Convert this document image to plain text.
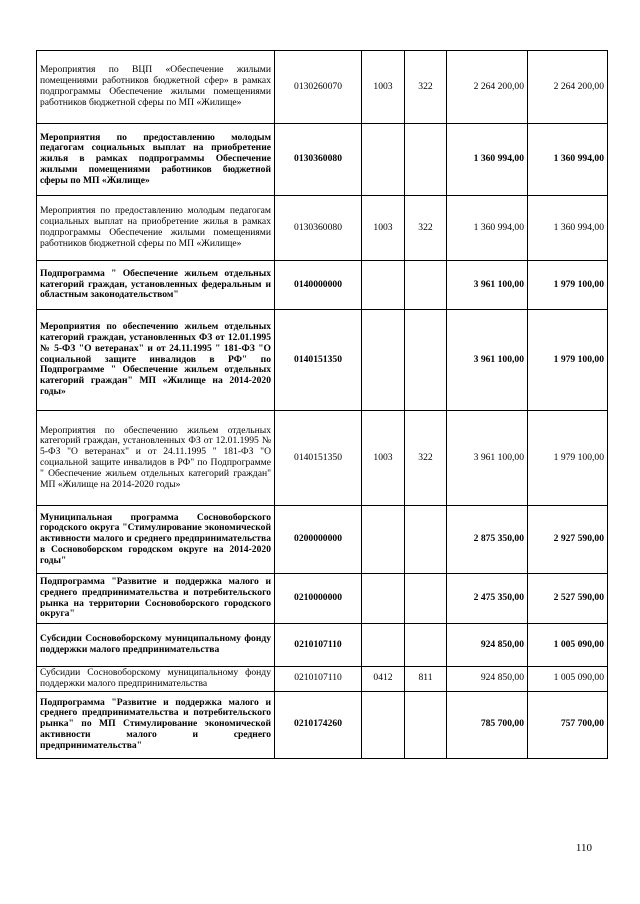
Мероприятия по ВЦП «Обеспечение жилыми помещениями работников бюджетной сфер» в рамках подпрограммы Обеспечение жилыми помещениями работников бюджетной сферы по МП «Жилище»	0130260070	1003	322	2 264 200,00	2 264 200,00
Мероприятия по предоставлению молодым педагогам социальных выплат на приобретение жилья в рамках подпрограммы Обеспечение жилыми помещениями работников бюджетной сферы по МП «Жилище»	0130360080			1 360 994,00	1 360 994,00
Мероприятия по предоставлению молодым педагогам социальных выплат на приобретение жилья в рамках подпрограммы Обеспечение жилыми помещениями работников бюджетной сферы по МП «Жилище»	0130360080	1003	322	1 360 994,00	1 360 994,00
Подпрограмма " Обеспечение жильем отдельных категорий граждан, установленных федеральным и областным законодательством"	0140000000			3 961 100,00	1 979 100,00
Мероприятия по обеспечению жильем отдельных категорий граждан, установленных ФЗ от 12.01.1995 № 5-ФЗ "О ветеранах" и от 24.11.1995 " 181-ФЗ "О социальной защите инвалидов в РФ" по Подпрограмме " Обеспечение жильем отдельных категорий граждан" МП «Жилище на 2014-2020 годы»	0140151350			3 961 100,00	1 979 100,00
Мероприятия по обеспечению жильем отдельных категорий граждан, установленных ФЗ от 12.01.1995 № 5-ФЗ "О ветеранах" и от 24.11.1995 " 181-ФЗ "О социальной защите инвалидов в РФ" по Подпрограмме " Обеспечение жильем отдельных категорий граждан" МП «Жилище на 2014-2020 годы»	0140151350	1003	322	3 961 100,00	1 979 100,00
Муниципальная программа Сосновоборского городского округа "Стимулирование экономической активности малого и среднего предпринимательства в Сосновоборском городском округе на 2014-2020 годы"	0200000000			2 875 350,00	2 927 590,00
Подпрограмма "Развитие и поддержка малого и среднего предпринимательства и потребительского рынка на территории Сосновоборского городского округа"	0210000000			2 475 350,00	2 527 590,00
Субсидии Сосновоборскому муниципальному фонду поддержки малого предпринимательства	0210107110			924 850,00	1 005 090,00
Субсидии Сосновоборскому муниципальному фонду поддержки малого предпринимательства	0210107110	0412	811	924 850,00	1 005 090,00
Подпрограмма "Развитие и поддержка малого и среднего предпринимательства и потребительского рынка" по МП Стимулирование экономической активности малого и среднего предпринимательства"	0210174260			785 700,00	757 700,00
110
